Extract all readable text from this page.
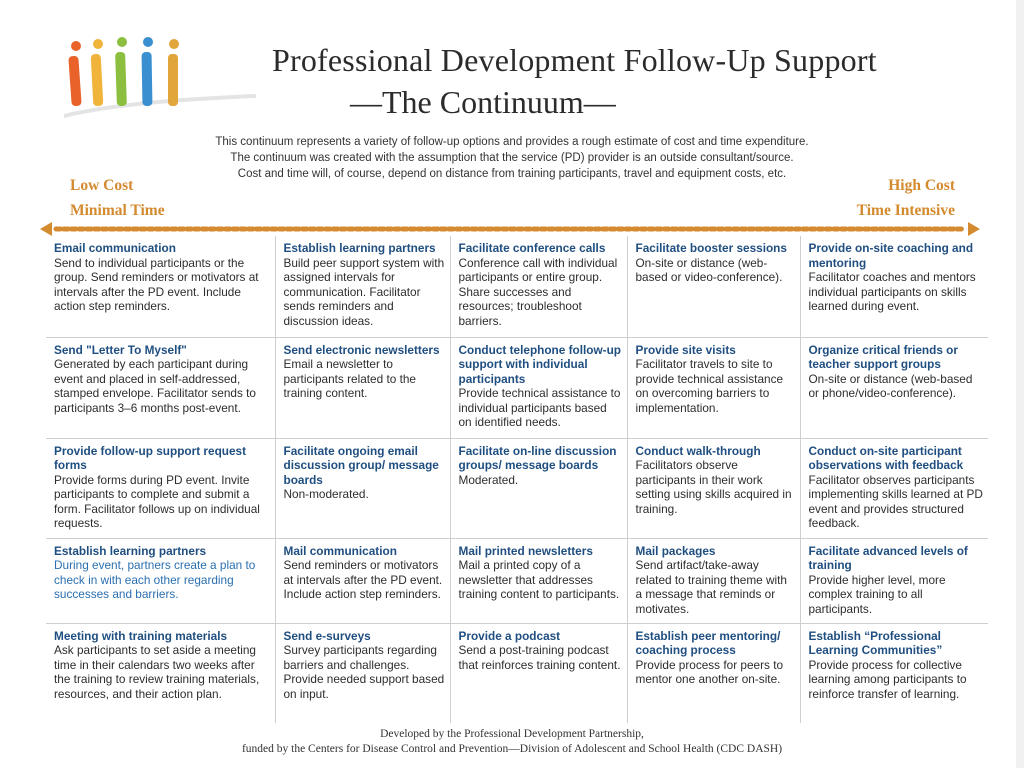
Professional Development Follow-Up Support
—The Continuum—
This continuum represents a variety of follow-up options and provides a rough estimate of cost and time expenditure.
The continuum was created with the assumption that the service (PD) provider is an outside consultant/source.
Cost and time will, of course, depend on distance from training participants, travel and equipment costs, etc.
Low Cost
Minimal Time
High Cost
Time Intensive
Email communication
Send to individual participants or the group. Send reminders or motivators at intervals after the PD event. Include action step reminders.	Establish learning partners
Build peer support system with assigned intervals for communication. Facilitator sends reminders and discussion ideas.	Facilitate conference calls
Conference call with individual participants or entire group. Share successes and resources; troubleshoot barriers.	Facilitate booster sessions
On-site or distance (web-based or video-conference).	Provide on-site coaching and mentoring
Facilitator coaches and mentors individual participants on skills learned during event.

Send "Letter To Myself"
Generated by each participant during event and placed in self-addressed, stamped envelope. Facilitator sends to participants 3–6 months post-event.	Send electronic newsletters
Email a newsletter to participants related to the training content.	Conduct telephone follow-up support with individual participants
Provide technical assistance to individual participants based on identified needs.	Provide site visits
Facilitator travels to site to provide technical assistance on overcoming barriers to implementation.	Organize critical friends or teacher support groups
On-site or distance (web-based or phone/video-conference).

Provide follow-up support request forms
Provide forms during PD event. Invite participants to complete and submit a form. Facilitator follows up on individual requests.	Facilitate ongoing email discussion group/ message boards
Non-moderated.	Facilitate on-line discussion groups/ message boards
Moderated.	Conduct walk-through
Facilitators observe participants in their work setting using skills acquired in training.	Conduct on-site participant observations with feedback
Facilitator observes participants implementing skills learned at PD event and provides structured feedback.

Establish learning partners
During event, partners create a plan to check in with each other regarding successes and barriers.	Mail communication
Send reminders or motivators at intervals after the PD event. Include action step reminders.	Mail printed newsletters
Mail a printed copy of a newsletter that addresses training content to participants.	Mail packages
Send artifact/take-away related to training theme with a message that reminds or motivates.	Facilitate advanced levels of training
Provide higher level, more complex training to all participants.

Meeting with training materials
Ask participants to set aside a meeting time in their calendars two weeks after the training to review training materials, resources, and their action plan.	Send e-surveys
Survey participants regarding barriers and challenges. Provide needed support based on input.	Provide a podcast
Send a post-training podcast that reinforces training content.	Establish peer mentoring/ coaching process
Provide process for peers to mentor one another on-site.	Establish “Professional Learning Communities”
Provide process for collective learning among participants to reinforce transfer of learning.
Developed by the Professional Development Partnership,
funded by the Centers for Disease Control and Prevention—Division of Adolescent and School Health (CDC DASH)
